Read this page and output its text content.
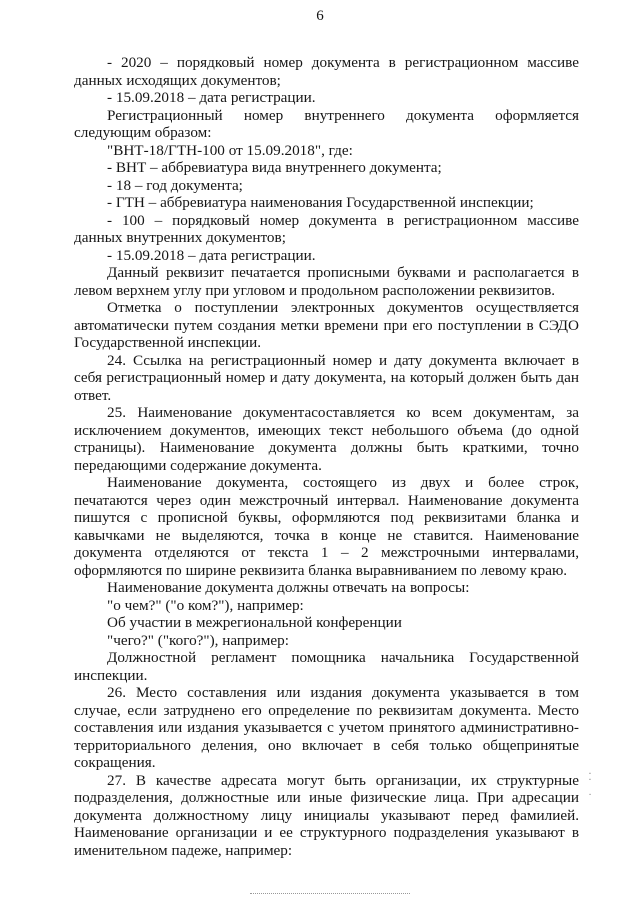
6

- 2020 – порядковый номер документа в регистрационном массиве данных исходящих документов;

- 15.09.2018 – дата регистрации.

Регистрационный номер внутреннего документа оформляется следующим образом:

"ВНТ-18/ГТН-100 от 15.09.2018", где:

- ВНТ – аббревиатура вида внутреннего документа;

- 18 – год документа;

- ГТН – аббревиатура наименования Государственной инспекции;

- 100 – порядковый номер документа в регистрационном массиве данных внутренних документов;

- 15.09.2018 – дата регистрации.

Данный реквизит печатается прописными буквами и располагается в левом верхнем углу при угловом и продольном расположении реквизитов.

Отметка о поступлении электронных документов осуществляется автоматически путем создания метки времени при его поступлении в СЭДО Государственной инспекции.

24. Ссылка на регистрационный номер и дату документа включает в себя регистрационный номер и дату документа, на который должен быть дан ответ.

25. Наименование документасоставляется ко всем документам, за исключением документов, имеющих текст небольшого объема (до одной страницы). Наименование документа должны быть краткими, точно передающими содержание документа.

Наименование документа, состоящего из двух и более строк, печатаются через один межстрочный интервал. Наименование документа пишутся с прописной буквы, оформляются под реквизитами бланка и кавычками не выделяются, точка в конце не ставится. Наименование документа отделяются от текста 1 – 2 межстрочными интервалами, оформляются по ширине реквизита бланка выравниванием по левому краю.

Наименование документа должны отвечать на вопросы:

"о чем?" ("о ком?"), например:

Об участии в межрегиональной конференции

"чего?" ("кого?"), например:

Должностной регламент помощника начальника Государственной инспекции.

26. Место составления или издания документа указывается в том случае, если затруднено его определение по реквизитам документа. Место составления или издания указывается с учетом принятого административно-территориального деления, оно включает в себя только общепринятые сокращения.

27. В качестве адресата могут быть организации, их структурные подразделения, должностные или иные физические лица. При адресации документа должностному лицу инициалы указывают перед фамилией. Наименование организации и ее структурного подразделения указывают в именительном падеже, например:

⁚
·
